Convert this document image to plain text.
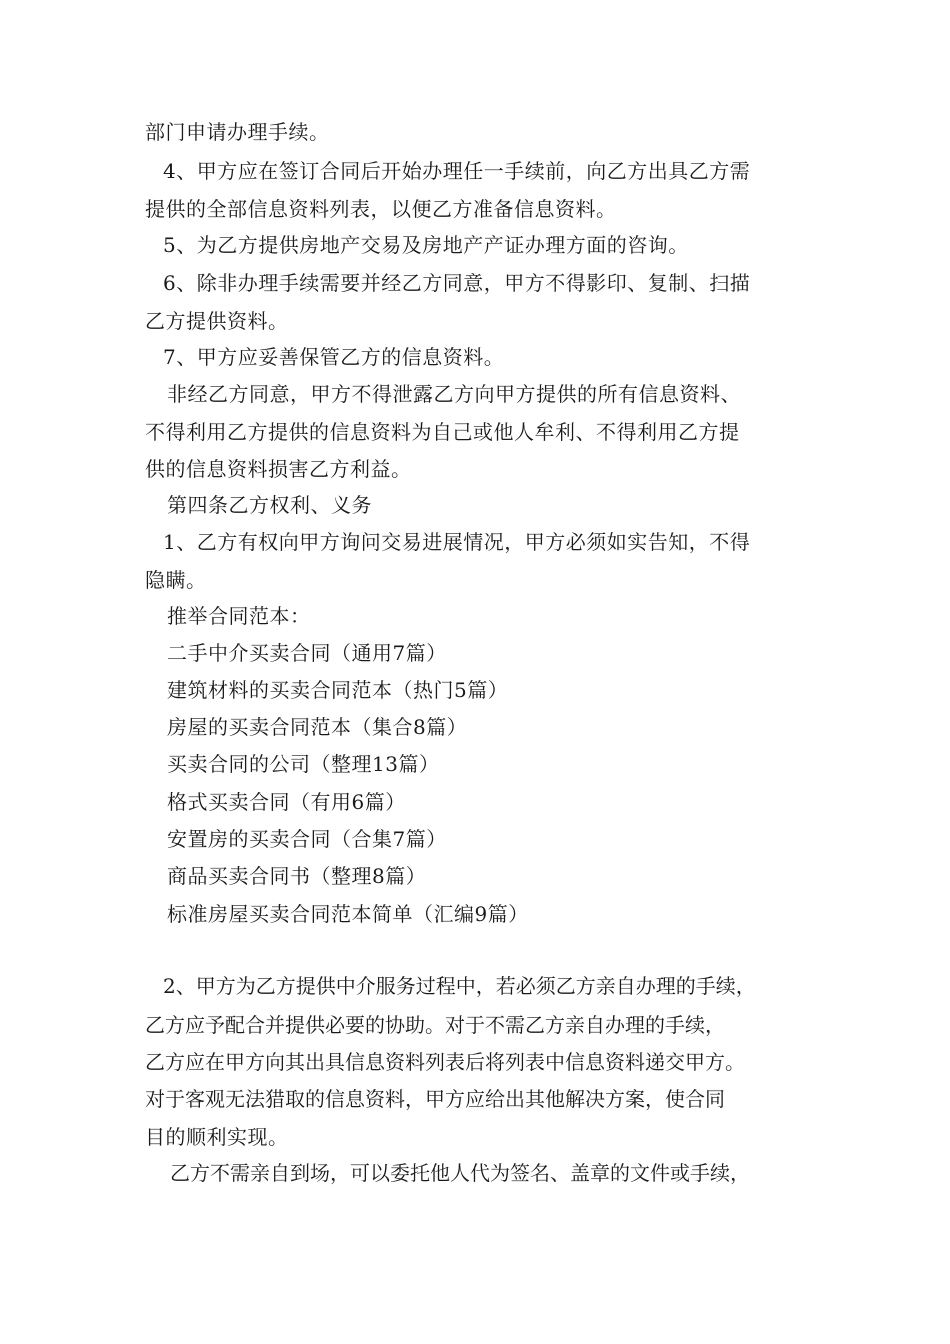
部门申请办理手续。
4、甲方应在签订合同后开始办理任一手续前，向乙方出具乙方需
提供的全部信息资料列表，以便乙方准备信息资料。
5、为乙方提供房地产交易及房地产产证办理方面的咨询。
6、除非办理手续需要并经乙方同意，甲方不得影印、复制、扫描
乙方提供资料。
7、甲方应妥善保管乙方的信息资料。
非经乙方同意，甲方不得泄露乙方向甲方提供的所有信息资料、
不得利用乙方提供的信息资料为自己或他人牟利、不得利用乙方提
供的信息资料损害乙方利益。
第四条乙方权利、义务
1、乙方有权向甲方询问交易进展情况，甲方必须如实告知，不得
隐瞒。
推举合同范本：
二手中介买卖合同（通用7篇）
建筑材料的买卖合同范本（热门5篇）
房屋的买卖合同范本（集合8篇）
买卖合同的公司（整理13篇）
格式买卖合同（有用6篇）
安置房的买卖合同（合集7篇）
商品买卖合同书（整理8篇）
标准房屋买卖合同范本简单（汇编9篇）
2、甲方为乙方提供中介服务过程中，若必须乙方亲自办理的手续，
乙方应予配合并提供必要的协助。对于不需乙方亲自办理的手续，
乙方应在甲方向其出具信息资料列表后将列表中信息资料递交甲方。
对于客观无法猎取的信息资料，甲方应给出其他解决方案，使合同
目的顺利实现。
乙方不需亲自到场，可以委托他人代为签名、盖章的文件或手续，
